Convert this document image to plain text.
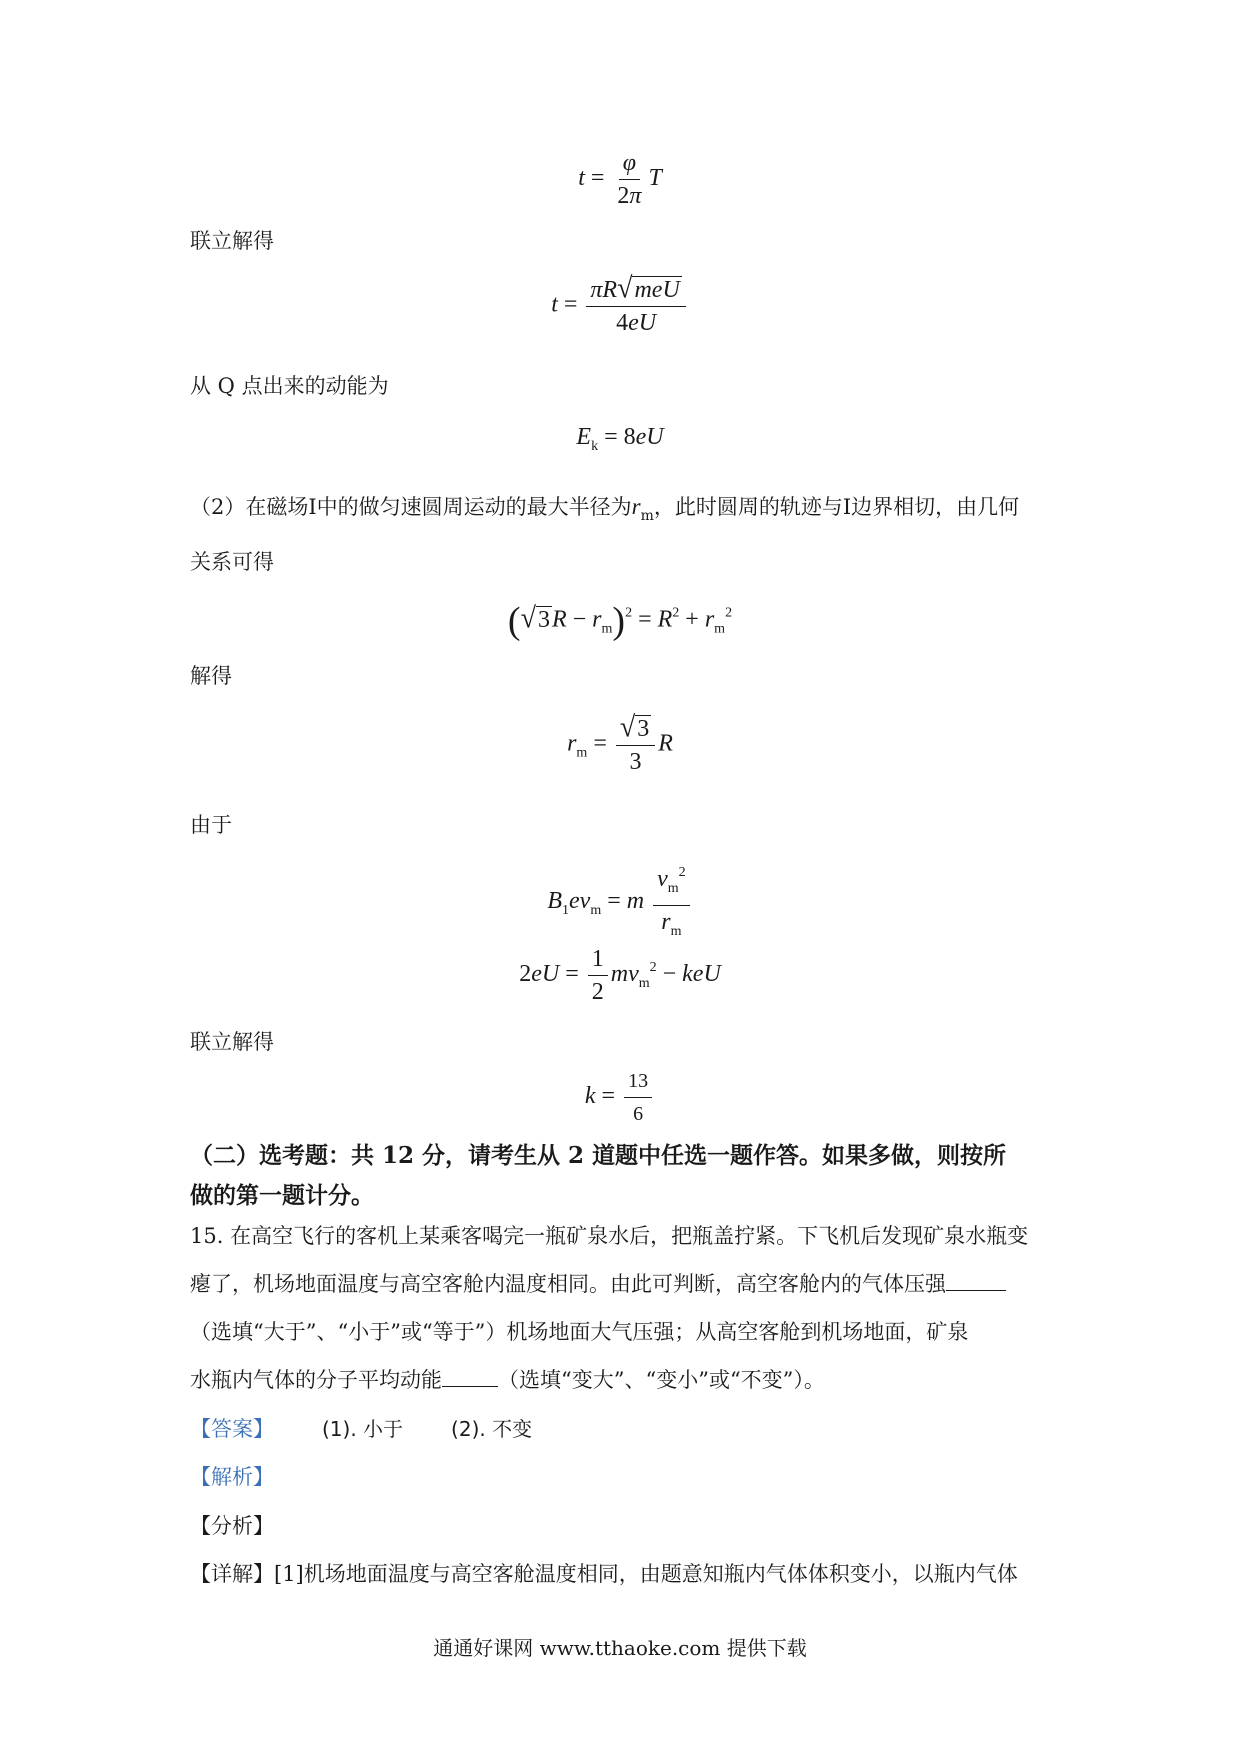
$t = \frac{\varphi}{2\pi}$ T
联立解得
$t = \frac{\text{πR √ meU}}{4eU}$
从 Q 点出来的动能为
$E_k = 8eU$
（2）在磁场I中的做匀速圆周运动的最大半径为$r_m$，此时圆周的轨迹与I边界相切，由几何
关系可得
( √ 3 $R - r_m)^2 = R^2 + r_m^2$
解得
$r_m = \frac{√ 3}{3}$ R
由于
$B_1ev_m = m \frac{v_m^2}{r_m}$
$2eU = \frac{1}{2} mv_m^2$ − keU
联立解得
$k = \frac{13}{6}$
（二）选考题：共 12 分，请考生从 2 道题中任选一题作答。如果多做，则按所
做的第一题计分。
15. 在高空飞行的客机上某乘客喝完一瓶矿泉水后，把瓶盖拧紧。下飞机后发现矿泉水瓶变
瘪了，机场地面温度与高空客舱内温度相同。由此可判断，高空客舱内的气体压强
（选填“大于”、“小于”或“等于”）机场地面大气压强；从高空客舱到机场地面，矿泉
水瓶内气体的分子平均动能	（选填“变大”、“变小”或“不变”）。
【答案】 (1). 小于 (2). 不变
【解析】
【分析】
【详解】[1]机场地面温度与高空客舱温度相同，由题意知瓶内气体体积变小，以瓶内气体
通通好课网 www.tthaoke.com 提供下载
